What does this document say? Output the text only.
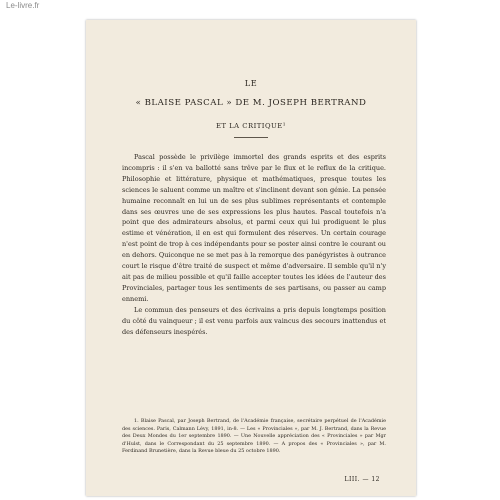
Le-livre.fr
LE
« BLAISE PASCAL » DE M. JOSEPH BERTRAND
ET LA CRITIQUE¹

Pascal possède le privilège immortel des grands esprits et des esprits incompris : il s'en va ballotté sans trêve par le flux et le reflux de la critique. Philosophie et littérature, physique et mathématiques, presque toutes les sciences le saluent comme un maître et s'inclinent devant son génie. La pensée humaine reconnaît en lui un de ses plus sublimes représentants et contemple dans ses œuvres une de ses expressions les plus hautes. Pascal toutefois n'a point que des admirateurs absolus, et parmi ceux qui lui prodiguent le plus estime et vénération, il en est qui formulent des réserves. Un certain courage n'est point de trop à ces indépendants pour se poster ainsi contre le courant ou en dehors. Quiconque ne se met pas à la remorque des panégyristes à outrance court le risque d'être traité de suspect et même d'adversaire. Il semble qu'il n'y ait pas de milieu possible et qu'il faille accepter toutes les idées de l'auteur des Provinciales, partager tous les sentiments de ses partisans, ou passer au camp ennemi.

Le commun des penseurs et des écrivains a pris depuis longtemps position du côté du vainqueur ; il est venu parfois aux vaincus des secours inattendus et des défenseurs inespérés.

1. Blaise Pascal, par Joseph Bertrand, de l'Académie française, secrétaire perpétuel de l'Académie des sciences. Paris, Calmann Lévy, 1891, in-8. — Les « Provinciales », par M. J. Bertrand, dans la Revue des Deux Mondes du 1er septembre 1890. — Une Nouvelle appréciation des « Provinciales » par Mgr d'Hulst, dans le Correspondant du 25 septembre 1890. — A propos des « Provinciales », par M. Ferdinand Brunetière, dans la Revue bleue du 25 octobre 1890.

LIII. — 12
